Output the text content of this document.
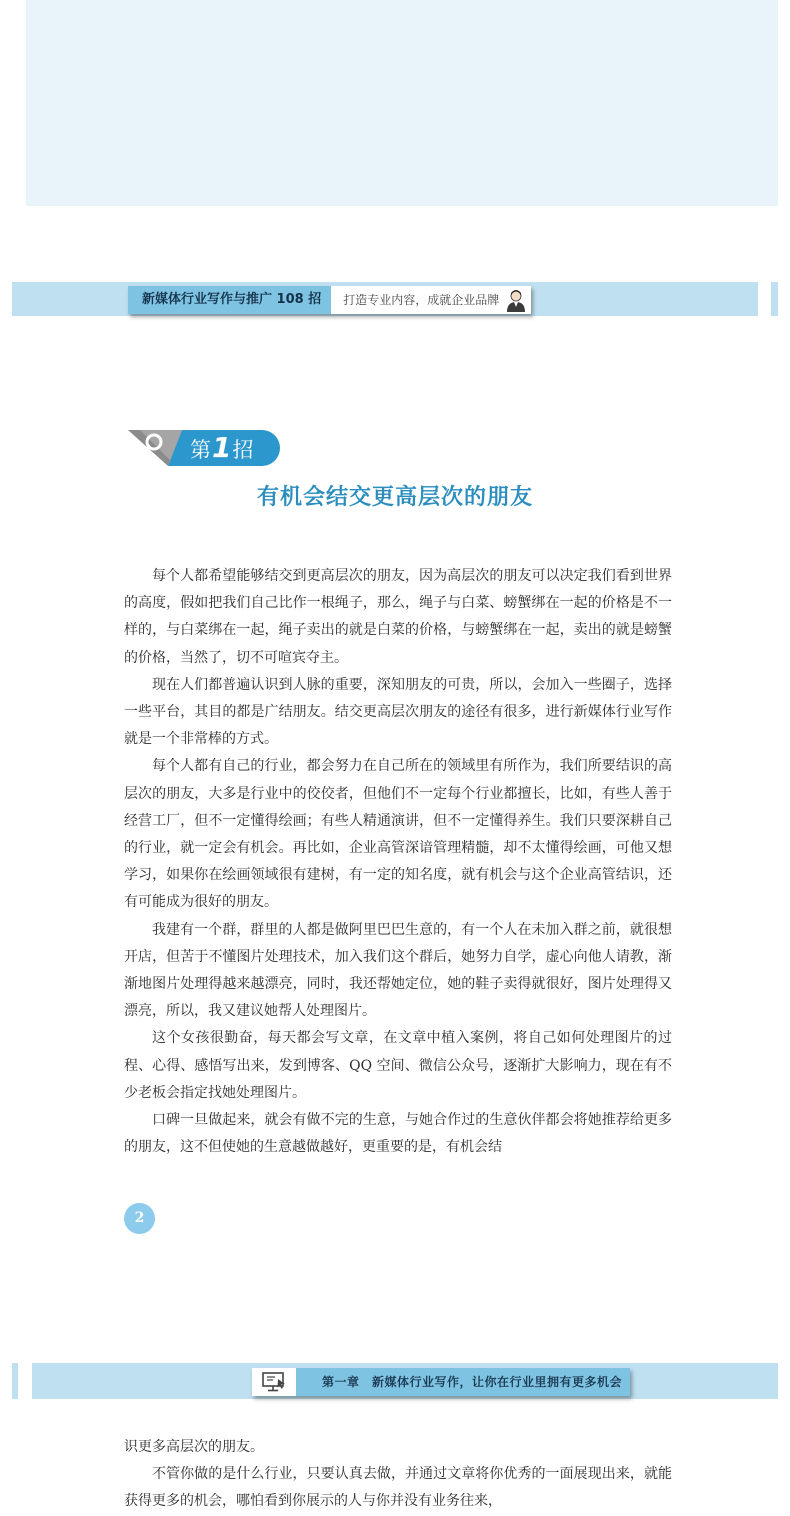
新媒体行业写作与推广 108 招	打造专业内容，成就企业品牌
第1招
有机会结交更高层次的朋友

每个人都希望能够结交到更高层次的朋友，因为高层次的朋友可以决定我们看到世界的高度，假如把我们自己比作一根绳子，那么，绳子与白菜、螃蟹绑在一起的价格是不一样的，与白菜绑在一起，绳子卖出的就是白菜的价格，与螃蟹绑在一起，卖出的就是螃蟹的价格，当然了，切不可喧宾夺主。

现在人们都普遍认识到人脉的重要，深知朋友的可贵，所以，会加入一些圈子，选择一些平台，其目的都是广结朋友。结交更高层次朋友的途径有很多，进行新媒体行业写作就是一个非常棒的方式。

每个人都有自己的行业，都会努力在自己所在的领域里有所作为，我们所要结识的高层次的朋友，大多是行业中的佼佼者，但他们不一定每个行业都擅长，比如，有些人善于经营工厂，但不一定懂得绘画；有些人精通演讲，但不一定懂得养生。我们只要深耕自己的行业，就一定会有机会。再比如，企业高管深谙管理精髓，却不太懂得绘画，可他又想学习，如果你在绘画领域很有建树，有一定的知名度，就有机会与这个企业高管结识，还有可能成为很好的朋友。

我建有一个群，群里的人都是做阿里巴巴生意的，有一个人在未加入群之前，就很想开店，但苦于不懂图片处理技术，加入我们这个群后，她努力自学，虚心向他人请教，渐渐地图片处理得越来越漂亮，同时，我还帮她定位，她的鞋子卖得就很好，图片处理得又漂亮，所以，我又建议她帮人处理图片。

这个女孩很勤奋，每天都会写文章，在文章中植入案例，将自己如何处理图片的过程、心得、感悟写出来，发到博客、QQ 空间、微信公众号，逐渐扩大影响力，现在有不少老板会指定找她处理图片。

口碑一旦做起来，就会有做不完的生意，与她合作过的生意伙伴都会将她推荐给更多的朋友，这不但使她的生意越做越好，更重要的是，有机会结

2
第一章　新媒体行业写作，让你在行业里拥有更多机会

识更多高层次的朋友。

不管你做的是什么行业，只要认真去做，并通过文章将你优秀的一面展现出来，就能获得更多的机会，哪怕看到你展示的人与你并没有业务往来，
